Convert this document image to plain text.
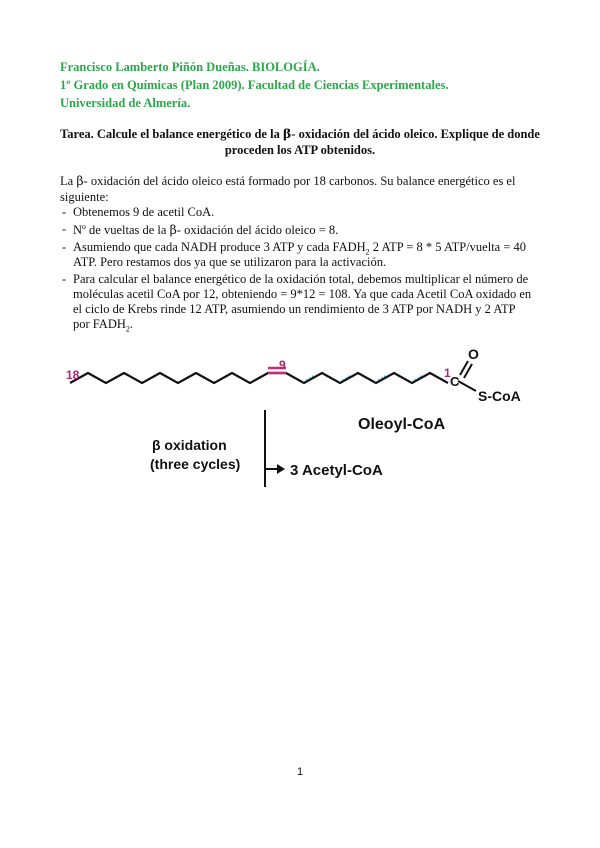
Francisco Lamberto Piñón Dueñas. BIOLOGÍA.
1º Grado en Químicas (Plan 2009). Facultad de Ciencias Experimentales.
Universidad de Almería.
Tarea. Calcule el balance energético de la β- oxidación del ácido oleico. Explique de donde proceden los ATP obtenidos.
La β- oxidación del ácido oleico está formado por 18 carbonos. Su balance energético es el siguiente:
- Obtenemos 9 de acetil CoA.
- Nº de vueltas de la β- oxidación del ácido oleico = 8.
- Asumiendo que cada NADH produce 3 ATP y cada $FADH_2$ 2 ATP = 8 * 5 ATP/vuelta = 40 ATP. Pero restamos dos ya que se utilizaron para la activación.
- Para calcular el balance energético de la oxidación total, debemos multiplicar el número de moléculas acetil CoA por 12, obteniendo = 9*12 = 108. Ya que cada Acetil CoA oxidado en el ciclo de Krebs rinde 12 ATP, asumiendo un rendimiento de 3 ATP por NADH y 2 ATP por $FADH_2$.
18
9
1
O
C
S-CoA
Oleoyl-CoA
β oxidation
(three cycles)	3 Acetyl-CoA
1
